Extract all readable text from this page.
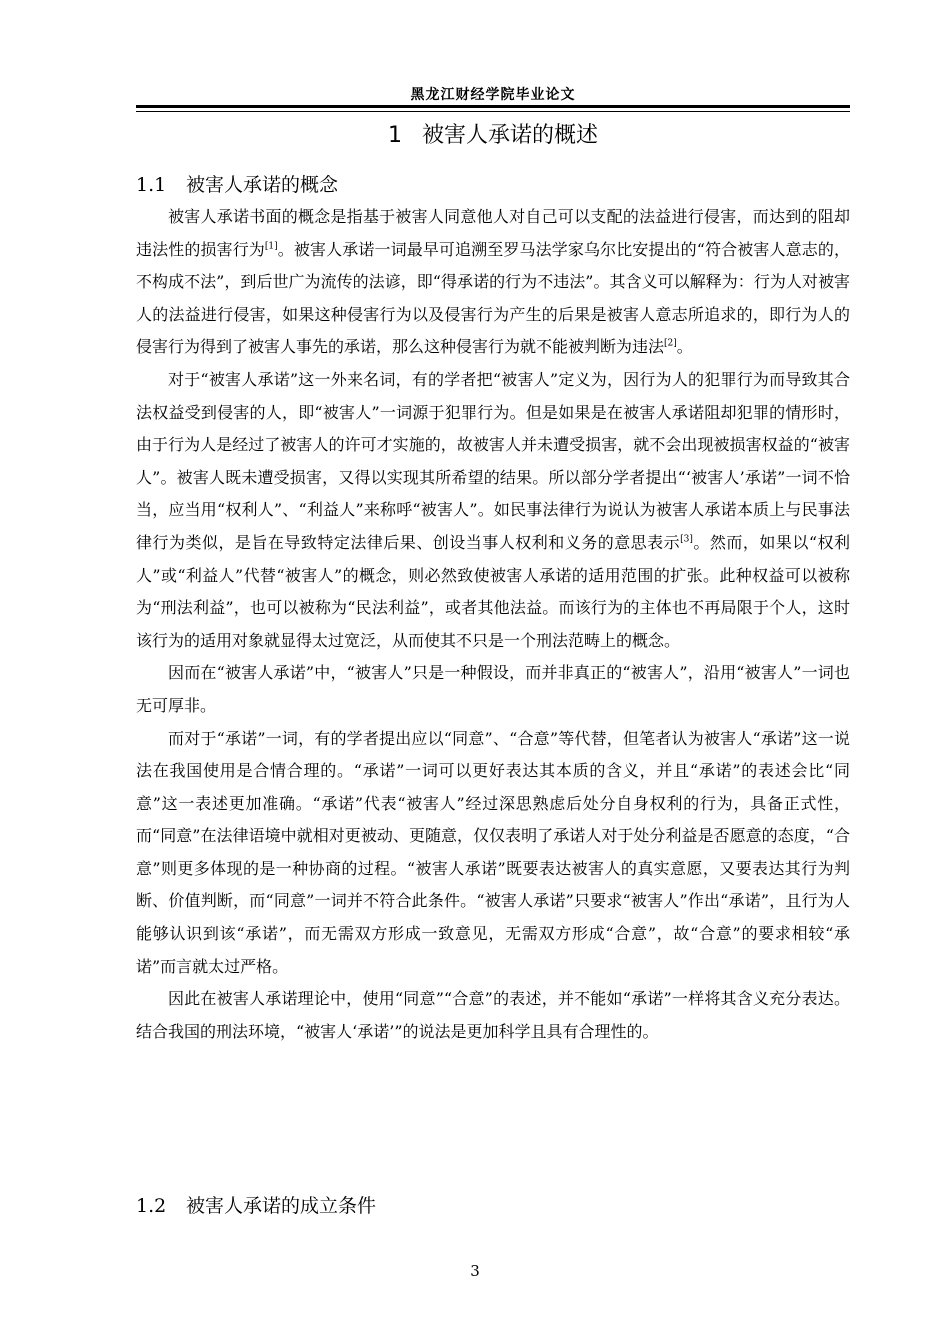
黑龙江财经学院毕业论文
1 被害人承诺的概述
1.1 被害人承诺的概念

被害人承诺书面的概念是指基于被害人同意他人对自己可以支配的法益进行侵害，而达到的阻却违法性的损害行为[1]。被害人承诺一词最早可追溯至罗马法学家乌尔比安提出的“符合被害人意志的，不构成不法”，到后世广为流传的法谚，即“得承诺的行为不违法”。其含义可以解释为：行为人对被害人的法益进行侵害，如果这种侵害行为以及侵害行为产生的后果是被害人意志所追求的，即行为人的侵害行为得到了被害人事先的承诺，那么这种侵害行为就不能被判断为违法[2]。

对于“被害人承诺”这一外来名词，有的学者把“被害人”定义为，因行为人的犯罪行为而导致其合法权益受到侵害的人，即“被害人”一词源于犯罪行为。但是如果是在被害人承诺阻却犯罪的情形时，由于行为人是经过了被害人的许可才实施的，故被害人并未遭受损害，就不会出现被损害权益的“被害人”。被害人既未遭受损害，又得以实现其所希望的结果。所以部分学者提出“‘被害人’承诺”一词不恰当，应当用“权利人”、“利益人”来称呼“被害人”。如民事法律行为说认为被害人承诺本质上与民事法律行为类似，是旨在导致特定法律后果、创设当事人权利和义务的意思表示[3]。然而，如果以“权利人”或“利益人”代替“被害人”的概念，则必然致使被害人承诺的适用范围的扩张。此种权益可以被称为“刑法利益”，也可以被称为“民法利益”，或者其他法益。而该行为的主体也不再局限于个人，这时该行为的适用对象就显得太过宽泛，从而使其不只是一个刑法范畴上的概念。

因而在“被害人承诺”中，“被害人”只是一种假设，而并非真正的“被害人”，沿用“被害人”一词也无可厚非。

而对于“承诺”一词，有的学者提出应以“同意”、“合意”等代替，但笔者认为被害人“承诺”这一说法在我国使用是合情合理的。“承诺”一词可以更好表达其本质的含义，并且“承诺”的表述会比“同意”这一表述更加准确。“承诺”代表“被害人”经过深思熟虑后处分自身权利的行为，具备正式性，而“同意”在法律语境中就相对更被动、更随意，仅仅表明了承诺人对于处分利益是否愿意的态度，“合意”则更多体现的是一种协商的过程。“被害人承诺”既要表达被害人的真实意愿，又要表达其行为判断、价值判断，而“同意”一词并不符合此条件。“被害人承诺”只要求“被害人”作出“承诺”，且行为人能够认识到该“承诺”，而无需双方形成一致意见，无需双方形成“合意”，故“合意”的要求相较“承诺”而言就太过严格。

因此在被害人承诺理论中，使用“同意”“合意”的表述，并不能如“承诺”一样将其含义充分表达。结合我国的刑法环境，“被害人‘承诺’”的说法是更加科学且具有合理性的。

1.2 被害人承诺的成立条件
3
